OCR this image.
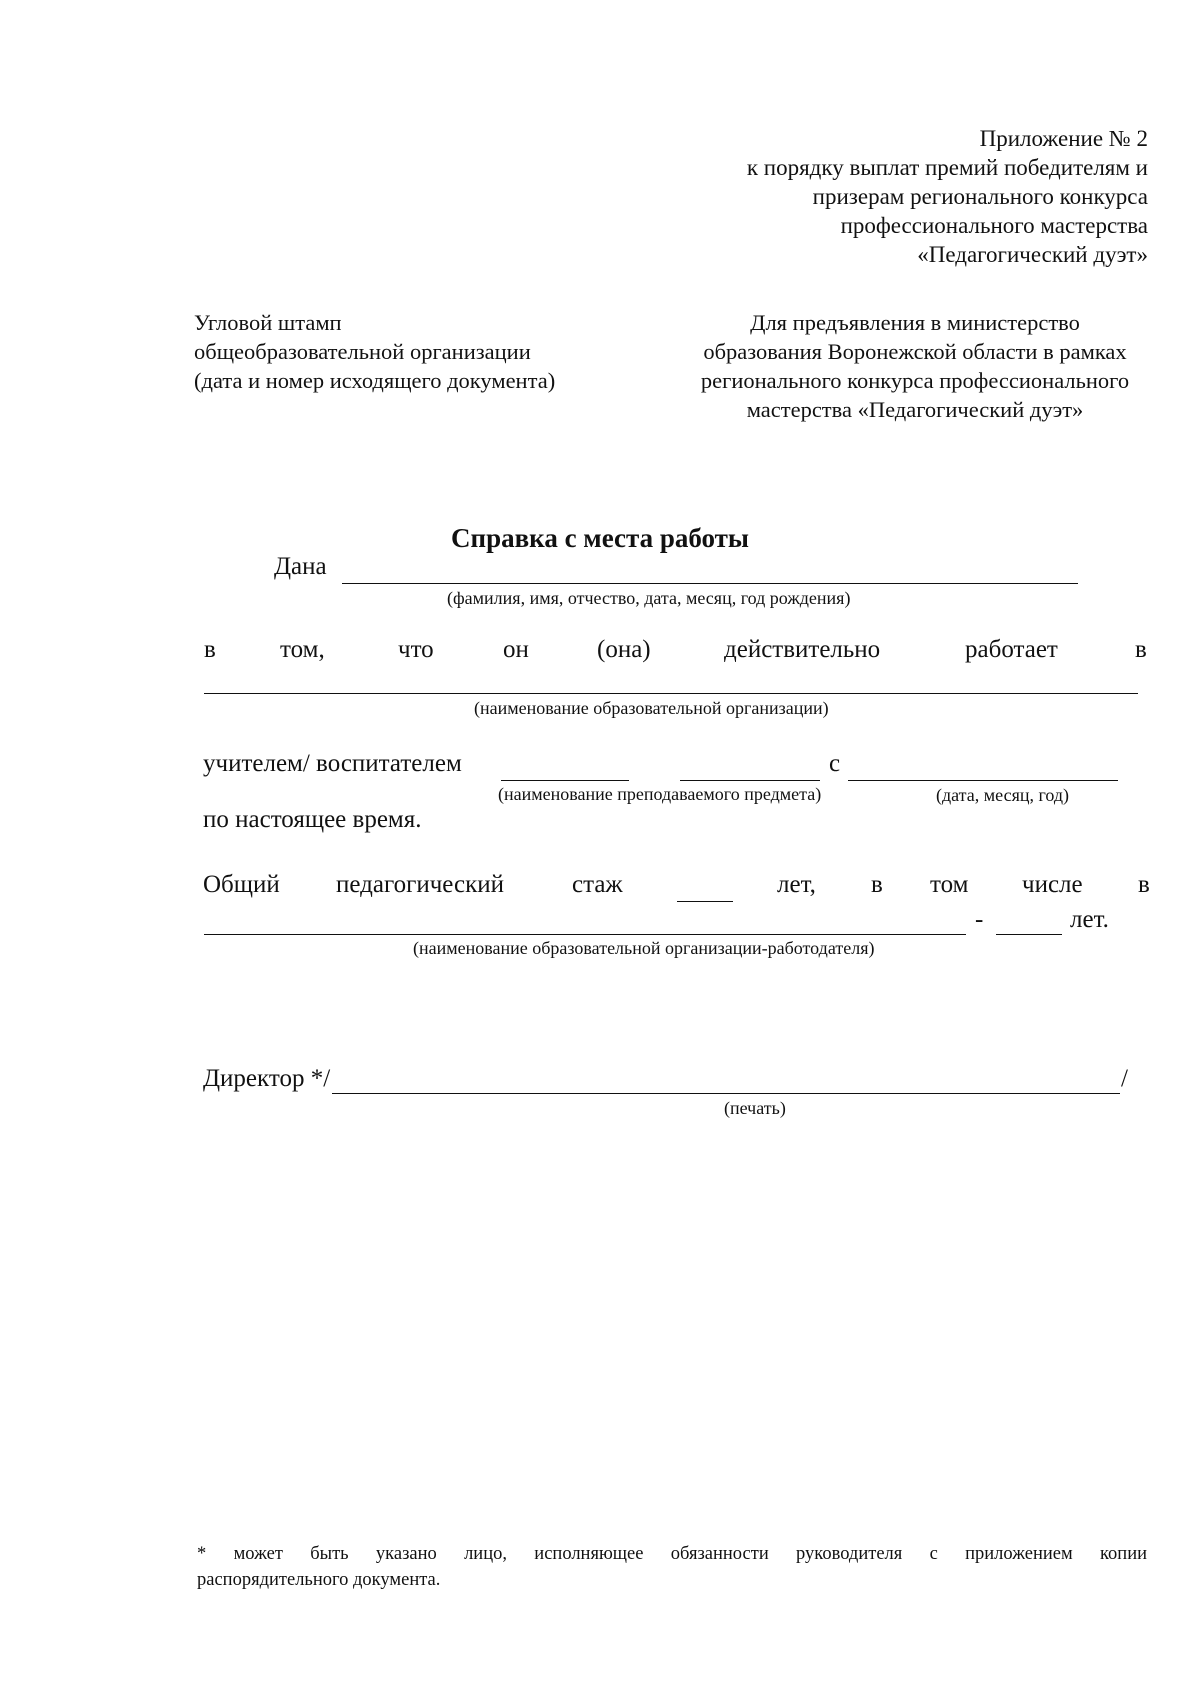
Приложение № 2
к порядку выплат премий победителям и
призерам регионального конкурса
профессионального мастерства
«Педагогический дуэт»
Угловой штамп
общеобразовательной организации
(дата и номер исходящего документа)
Для предъявления в министерство
образования Воронежской области в рамках
регионального конкурса профессионального
мастерства «Педагогический дуэт»
Справка с места работы
Дана
(фамилия, имя, отчество, дата, месяц, год рождения)
в	том,	что	он	(она)	действительно	работает	в
(наименование образовательной организации)
учителем/ воспитателем	с
(наименование преподаваемого предмета)	(дата, месяц, год)
по настоящее время.
Общий педагогический	стаж	лет, в том числе в
-	лет.
(наименование образовательной организации-работодателя)
Директор */	/
(печать)
* может быть указано лицо, исполняющее обязанности руководителя с приложением копии
распорядительного документа.
